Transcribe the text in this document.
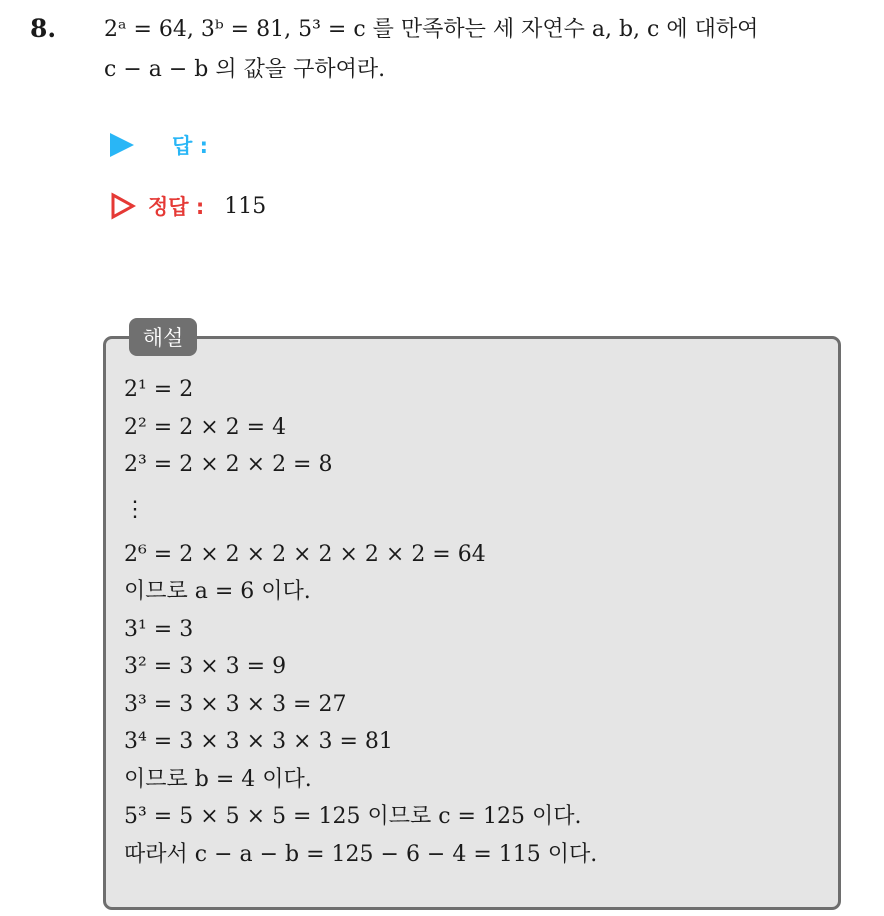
8. 2ᵃ = 64, 3ᵇ = 81, 5³ = c 를 만족하는 세 자연수 a, b, c 에 대하여
c − a − b 의 값을 구하여라.
답 :
정답 : 115
해설
2¹ = 2
2² = 2 × 2 = 4
2³ = 2 × 2 × 2 = 8
⋮
2⁶ = 2 × 2 × 2 × 2 × 2 × 2 = 64
이므로 a = 6 이다.
3¹ = 3
3² = 3 × 3 = 9
3³ = 3 × 3 × 3 = 27
3⁴ = 3 × 3 × 3 × 3 = 81
이므로 b = 4 이다.
5³ = 5 × 5 × 5 = 125 이므로 c = 125 이다.
따라서 c − a − b = 125 − 6 − 4 = 115 이다.
